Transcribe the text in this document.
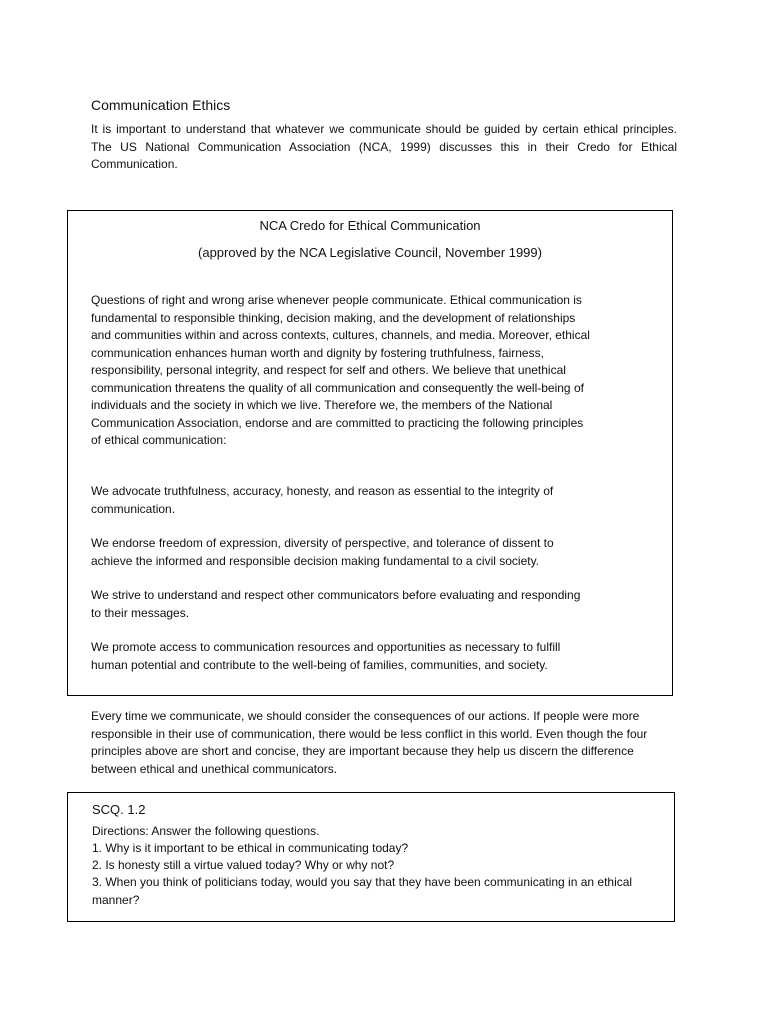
Communication Ethics

It is important to understand that whatever we communicate should be guided by certain ethical principles. The US National Communication Association (NCA, 1999) discusses this in their Credo for Ethical Communication.

NCA Credo for Ethical Communication

(approved by the NCA Legislative Council, November 1999)

Questions of right and wrong arise whenever people communicate. Ethical communication is fundamental to responsible thinking, decision making, and the development of relationships and communities within and across contexts, cultures, channels, and media. Moreover, ethical communication enhances human worth and dignity by fostering truthfulness, fairness, responsibility, personal integrity, and respect for self and others. We believe that unethical communication threatens the quality of all communication and consequently the well-being of individuals and the society in which we live. Therefore we, the members of the National Communication Association, endorse and are committed to practicing the following principles of ethical communication:

We advocate truthfulness, accuracy, honesty, and reason as essential to the integrity of communication.

We endorse freedom of expression, diversity of perspective, and tolerance of dissent to achieve the informed and responsible decision making fundamental to a civil society.

We strive to understand and respect other communicators before evaluating and responding to their messages.

We promote access to communication resources and opportunities as necessary to fulfill human potential and contribute to the well-being of families, communities, and society.

Every time we communicate, we should consider the consequences of our actions. If people were more responsible in their use of communication, there would be less conflict in this world. Even though the four principles above are short and concise, they are important because they help us discern the difference between ethical and unethical communicators.

SCQ. 1.2

Directions: Answer the following questions.

1. Why is it important to be ethical in communicating today?

2. Is honesty still a virtue valued today? Why or why not?

3. When you think of politicians today, would you say that they have been communicating in an ethical manner?
